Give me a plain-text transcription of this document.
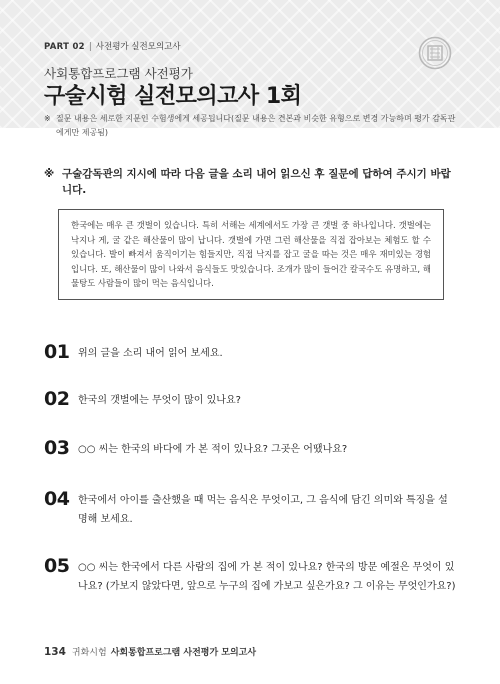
PART 02 | 사전평가 실전모의고사
사회통합프로그램 사전평가
구술시험 실전모의고사 1회
※ 질문 내용은 세로한 지문인 수험생에게 세공됩니다(질문 내용은 견본과 비슷한 유형으로 변경 가능하며 평가 감독관에게만 제공됨)
※ 구술감독관의 지시에 따라 다음 글을 소리 내어 읽으신 후 질문에 답하여 주시기 바랍니다.
한국에는 매우 큰 갯벌이 있습니다. 특히 서해는 세계에서도 가장 큰 갯벌 중 하나입니다. 갯벌에는 낙지나 게, 굴 같은 해산물이 많이 납니다. 갯벌에 가면 그런 해산물을 직접 잡아보는 체험도 할 수 있습니다. 발이 빠져서 움직이기는 힘들지만, 직접 낙지를 잡고 굴을 따는 것은 매우 재미있는 경험입니다. 또, 해산물이 많이 나와서 음식들도 맛있습니다. 조개가 많이 들어간 칼국수도 유명하고, 해물탕도 사람들이 많이 먹는 음식입니다.
01 위의 글을 소리 내어 읽어 보세요.
02 한국의 갯벌에는 무엇이 많이 있나요?
03 ○○ 씨는 한국의 바다에 가 본 적이 있나요? 그곳은 어땠나요?
04 한국에서 아이를 출산했을 때 먹는 음식은 무엇이고, 그 음식에 담긴 의미와 특징을 설명해 보세요.
05 ○○ 씨는 한국에서 다른 사람의 집에 가 본 적이 있나요? 한국의 방문 예절은 무엇이 있나요? (가보지 않았다면, 앞으로 누구의 집에 가보고 싶은가요? 그 이유는 무엇인가요?)
134 귀화시험 사회통합프로그램 사전평가 모의고사
